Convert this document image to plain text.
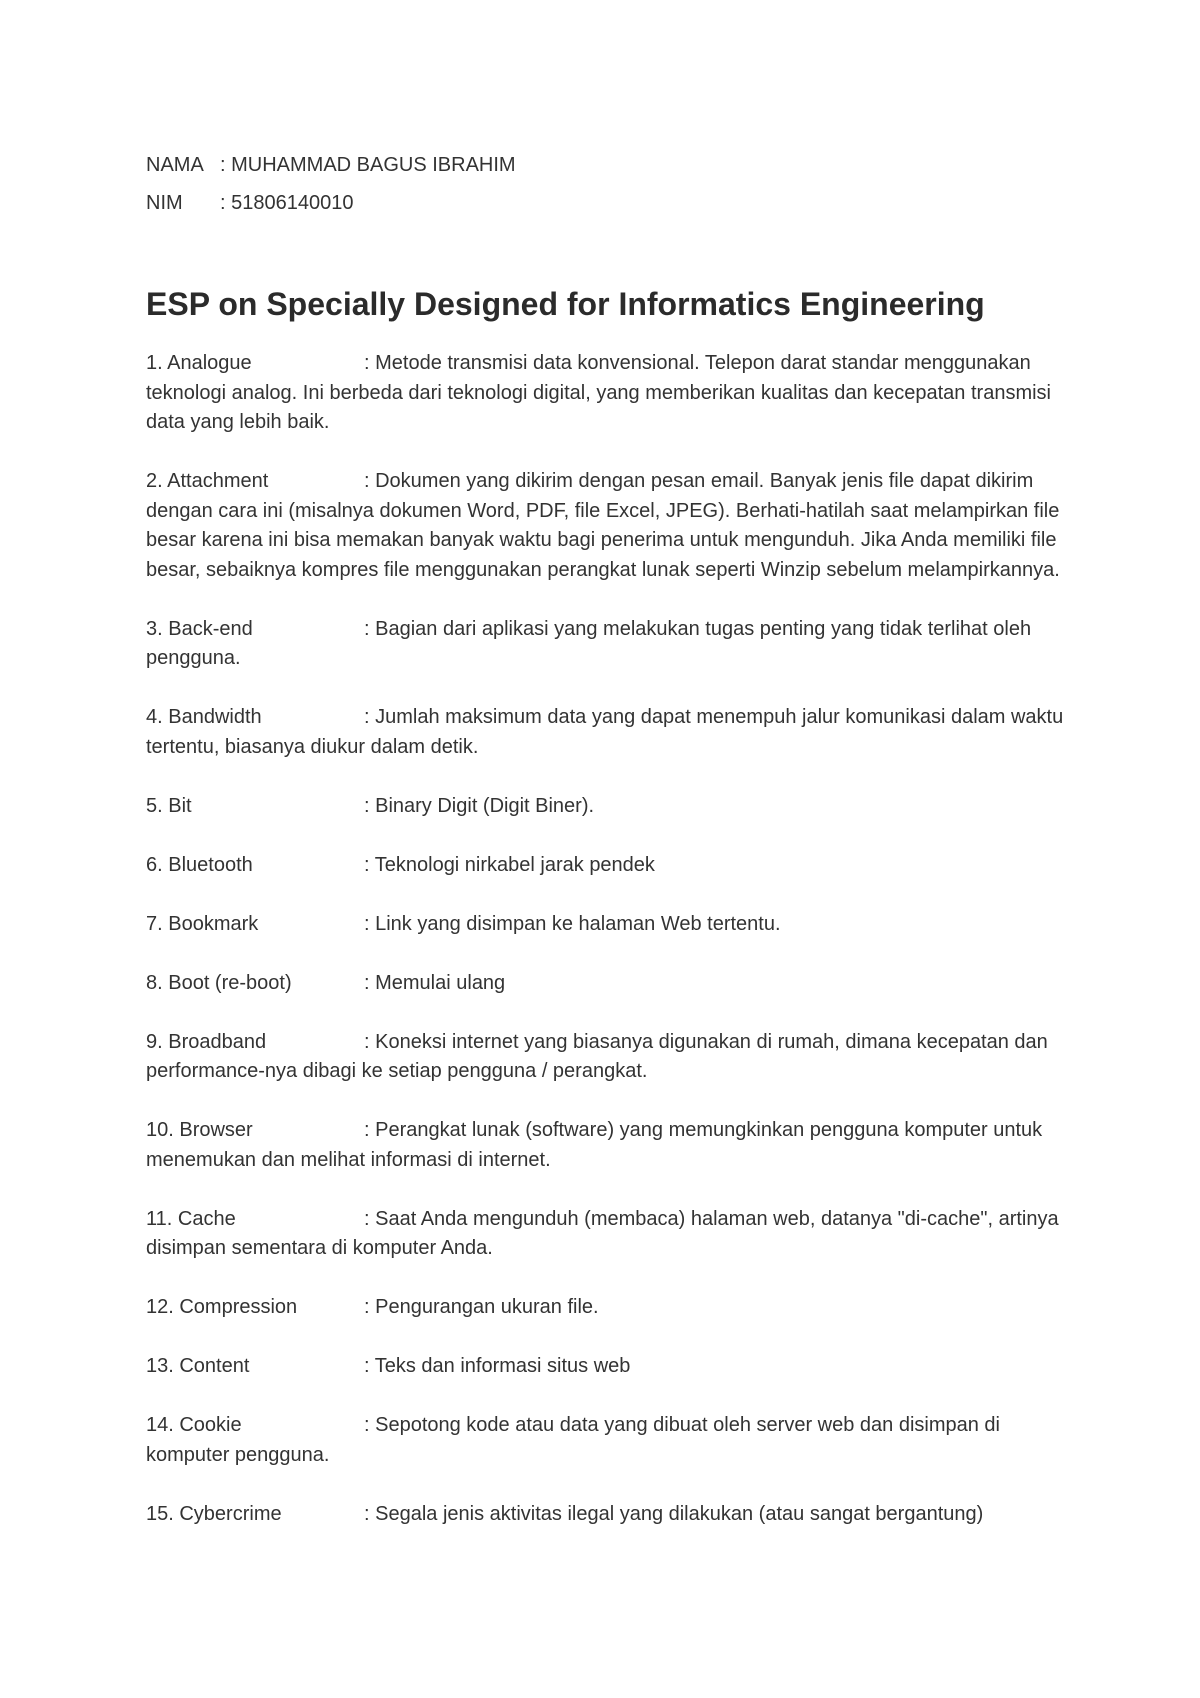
NAMA : MUHAMMAD BAGUS IBRAHIM
NIM	: 51806140010
ESP on Specially Designed for Informatics Engineering
1. Analogue	: Metode transmisi data konvensional. Telepon darat standar menggunakan teknologi analog. Ini berbeda dari teknologi digital, yang memberikan kualitas dan kecepatan transmisi data yang lebih baik.
2. Attachment	: Dokumen yang dikirim dengan pesan email. Banyak jenis file dapat dikirim dengan cara ini (misalnya dokumen Word, PDF, file Excel, JPEG). Berhati-hatilah saat melampirkan file besar karena ini bisa memakan banyak waktu bagi penerima untuk mengunduh. Jika Anda memiliki file besar, sebaiknya kompres file menggunakan perangkat lunak seperti Winzip sebelum melampirkannya.
3. Back-end	: Bagian dari aplikasi yang melakukan tugas penting yang tidak terlihat oleh pengguna.
4. Bandwidth	: Jumlah maksimum data yang dapat menempuh jalur komunikasi dalam waktu tertentu, biasanya diukur dalam detik.
5. Bit	: Binary Digit (Digit Biner).
6. Bluetooth	: Teknologi nirkabel jarak pendek
7. Bookmark	: Link yang disimpan ke halaman Web tertentu.
8. Boot (re-boot)	: Memulai ulang
9. Broadband	: Koneksi internet yang biasanya digunakan di rumah, dimana kecepatan dan performance-nya dibagi ke setiap pengguna / perangkat.
10. Browser	: Perangkat lunak (software) yang memungkinkan pengguna komputer untuk menemukan dan melihat informasi di internet.
11. Cache	: Saat Anda mengunduh (membaca) halaman web, datanya "di-cache", artinya disimpan sementara di komputer Anda.
12. Compression	: Pengurangan ukuran file.
13. Content	: Teks dan informasi situs web
14. Cookie	: Sepotong kode atau data yang dibuat oleh server web dan disimpan di komputer pengguna.
15. Cybercrime	: Segala jenis aktivitas ilegal yang dilakukan (atau sangat bergantung)
